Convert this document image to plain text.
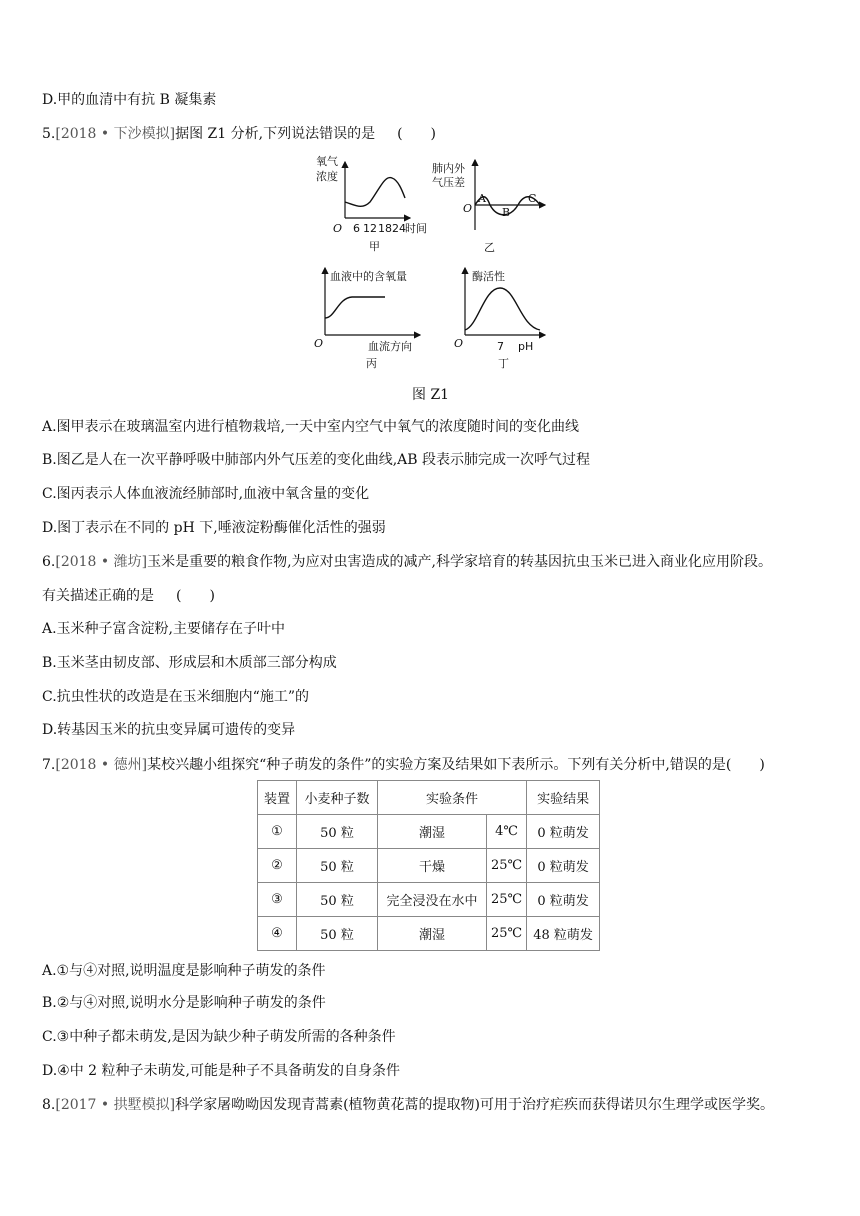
D.甲的血清中有抗 B 凝集素
5.[2018 • 下沙模拟]据图 Z1 分析,下列说法错误的是 (　　)
氧气
浓度
O 6 12 18 24 时间
甲
肺内外
气压差
O
A
B
C
乙
血液中的含氧量
O	血流方向
丙
酶活性
O	7 pH
丁
图 Z1
A.图甲表示在玻璃温室内进行植物栽培,一天中室内空气中氧气的浓度随时间的变化曲线
B.图乙是人在一次平静呼吸中肺部内外气压差的变化曲线,AB 段表示肺完成一次呼气过程
C.图丙表示人体血液流经肺部时,血液中氧含量的变化
D.图丁表示在不同的 pH 下,唾液淀粉酶催化活性的强弱
6.[2018 • 潍坊]玉米是重要的粮食作物,为应对虫害造成的减产,科学家培育的转基因抗虫玉米已进入商业化应用阶段。
有关描述正确的是 (　　)
A.玉米种子富含淀粉,主要储存在子叶中
B.玉米茎由韧皮部、形成层和木质部三部分构成
C.抗虫性状的改造是在玉米细胞内“施工”的
D.转基因玉米的抗虫变异属可遗传的变异
7.[2018 • 德州]某校兴趣小组探究“种子萌发的条件”的实验方案及结果如下表所示。下列有关分析中,错误的是(　　)
装置	小麦种子数	实验条件		实验结果
①	50 粒	潮湿	4℃	0 粒萌发
②	50 粒	干燥	25℃	0 粒萌发
③	50 粒	完全浸没在水中	25℃	0 粒萌发
④	50 粒	潮湿	25℃	48 粒萌发
A.①与④对照,说明温度是影响种子萌发的条件
B.②与④对照,说明水分是影响种子萌发的条件
C.③中种子都未萌发,是因为缺少种子萌发所需的各种条件
D.④中 2 粒种子未萌发,可能是种子不具备萌发的自身条件
8.[2017 • 拱墅模拟]科学家屠呦呦因发现青蒿素(植物黄花蒿的提取物)可用于治疗疟疾而获得诺贝尔生理学或医学奖。
